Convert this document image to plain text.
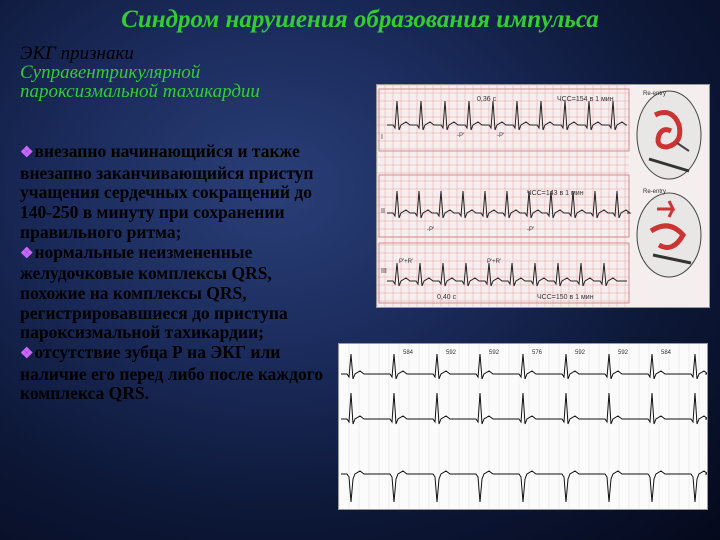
Синдром нарушения образования импульса
ЭКГ признаки
Суправентрикулярной
пароксизмальной тахикардии

❖внезапно начинающийся и также внезапно заканчивающийся приступ учащения сердечных сокращений до 140-250 в минуту при сохранении правильного ритма;

❖нормальные неизмененные желудочковые комплексы QRS, похожие на комплексы QRS, регистрировавшиеся до приступа пароксизмальной тахикардии;

❖отсутствие зубца Р на ЭКГ или наличие его перед либо после каждого комплекса QRS.

I
II
III
ЧСС=154 в 1 мин
ЧСС=143 в 1 мин
ЧСС=150 в 1 мин
0,36 с
0,40 с
-P'	-P'
-P'	-P'
P'+R'	P'+R'
Re-entry
Re-entry
584	592	592	576	592	592	584
